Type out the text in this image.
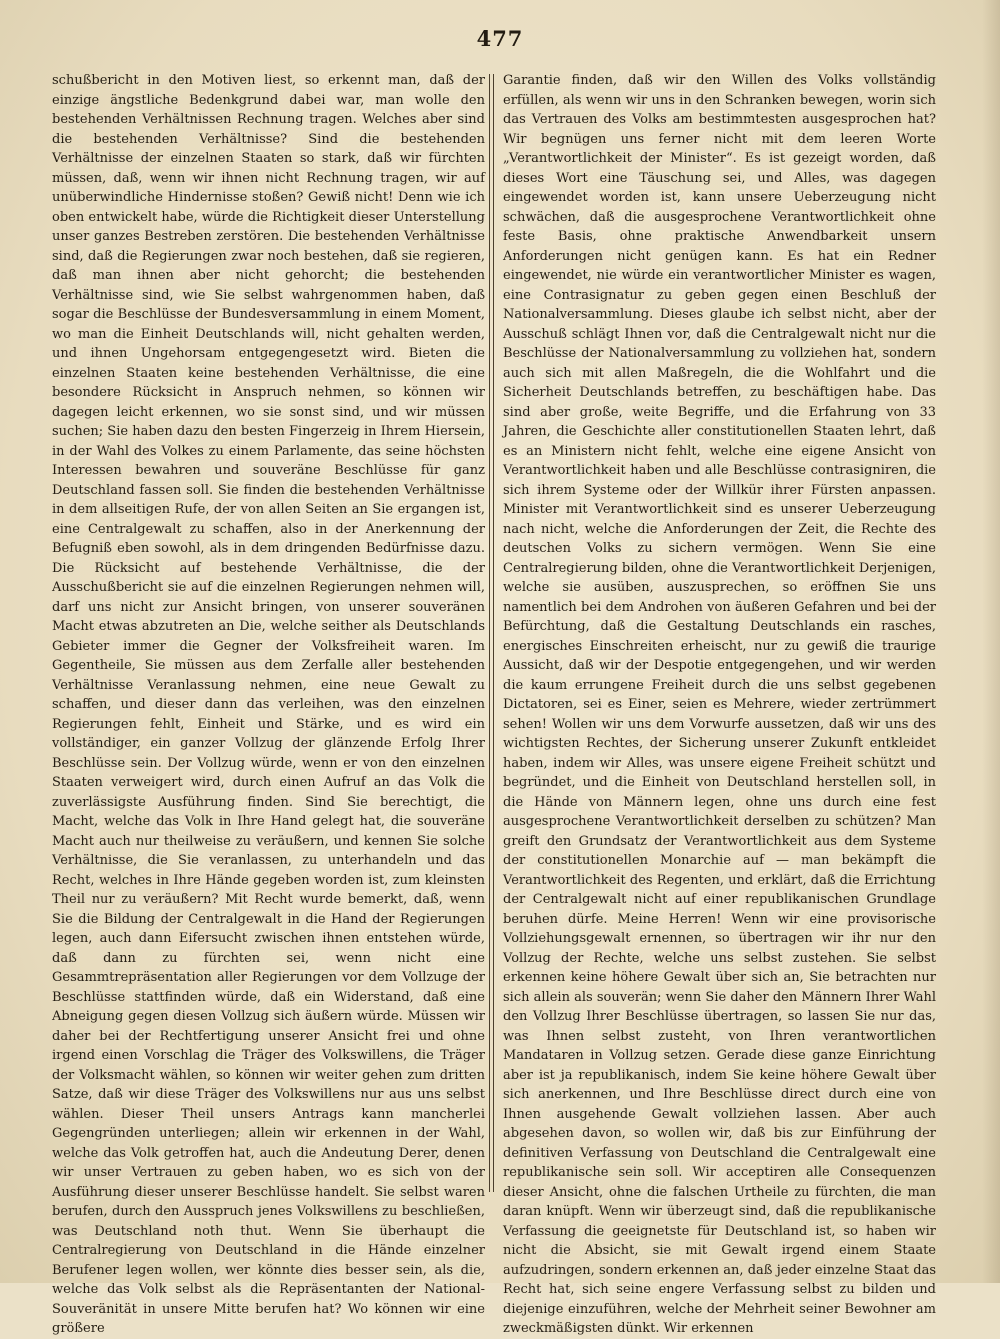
477
schußbericht in den Motiven liest, so erkennt man, daß der einzige ängstliche Bedenkgrund dabei war, man wolle den bestehenden Verhältnissen Rechnung tragen. Welches aber sind die bestehenden Verhältnisse? Sind die bestehenden Verhältnisse der einzelnen Staaten so stark, daß wir fürchten müssen, daß, wenn wir ihnen nicht Rechnung tragen, wir auf unüberwindliche Hindernisse stoßen? Gewiß nicht! Denn wie ich oben entwickelt habe, würde die Richtigkeit dieser Unterstellung unser ganzes Bestreben zerstören. Die bestehenden Verhältnisse sind, daß die Regierungen zwar noch bestehen, daß sie regieren, daß man ihnen aber nicht gehorcht; die bestehenden Verhältnisse sind, wie Sie selbst wahrgenommen haben, daß sogar die Beschlüsse der Bundesversammlung in einem Moment, wo man die Einheit Deutschlands will, nicht gehalten werden, und ihnen Ungehorsam entgegengesetzt wird. Bieten die einzelnen Staaten keine bestehenden Verhältnisse, die eine besondere Rücksicht in Anspruch nehmen, so können wir dagegen leicht erkennen, wo sie sonst sind, und wir müssen suchen; Sie haben dazu den besten Fingerzeig in Ihrem Hiersein, in der Wahl des Volkes zu einem Parlamente, das seine höchsten Interessen bewahren und souveräne Beschlüsse für ganz Deutschland fassen soll. Sie finden die bestehenden Verhältnisse in dem allseitigen Rufe, der von allen Seiten an Sie ergangen ist, eine Centralgewalt zu schaffen, also in der Anerkennung der Befugniß eben sowohl, als in dem dringenden Bedürfnisse dazu. Die Rücksicht auf bestehende Verhältnisse, die der Ausschußbericht sie auf die einzelnen Regierungen nehmen will, darf uns nicht zur Ansicht bringen, von unserer souveränen Macht etwas abzutreten an Die, welche seither als Deutschlands Gebieter immer die Gegner der Volksfreiheit waren. Im Gegentheile, Sie müssen aus dem Zerfalle aller bestehenden Verhältnisse Veranlassung nehmen, eine neue Gewalt zu schaffen, und dieser dann das verleihen, was den einzelnen Regierungen fehlt, Einheit und Stärke, und es wird ein vollständiger, ein ganzer Vollzug der glänzende Erfolg Ihrer Beschlüsse sein. Der Vollzug würde, wenn er von den einzelnen Staaten verweigert wird, durch einen Aufruf an das Volk die zuverlässigste Ausführung finden. Sind Sie berechtigt, die Macht, welche das Volk in Ihre Hand gelegt hat, die souveräne Macht auch nur theilweise zu veräußern, und kennen Sie solche Verhältnisse, die Sie veranlassen, zu unterhandeln und das Recht, welches in Ihre Hände gegeben worden ist, zum kleinsten Theil nur zu veräußern? Mit Recht wurde bemerkt, daß, wenn Sie die Bildung der Centralgewalt in die Hand der Regierungen legen, auch dann Eifersucht zwischen ihnen entstehen würde, daß dann zu fürchten sei, wenn nicht eine Gesammtrepräsentation aller Regierungen vor dem Vollzuge der Beschlüsse stattfinden würde, daß ein Widerstand, daß eine Abneigung gegen diesen Vollzug sich äußern würde. Müssen wir daher bei der Rechtfertigung unserer Ansicht frei und ohne irgend einen Vorschlag die Träger des Volkswillens, die Träger der Volksmacht wählen, so können wir weiter gehen zum dritten Satze, daß wir diese Träger des Volkswillens nur aus uns selbst wählen. Dieser Theil unsers Antrags kann mancherlei Gegengründen unterliegen; allein wir erkennen in der Wahl, welche das Volk getroffen hat, auch die Andeutung Derer, denen wir unser Vertrauen zu geben haben, wo es sich von der Ausführung dieser unserer Beschlüsse handelt. Sie selbst waren berufen, durch den Ausspruch jenes Volkswillens zu beschließen, was Deutschland noth thut. Wenn Sie überhaupt die Centralregierung von Deutschland in die Hände einzelner Berufener legen wollen, wer könnte dies besser sein, als die, welche das Volk selbst als die Repräsentanten der National-Souveränität in unsere Mitte berufen hat? Wo können wir eine größere
Garantie finden, daß wir den Willen des Volks vollständig erfüllen, als wenn wir uns in den Schranken bewegen, worin sich das Vertrauen des Volks am bestimmtesten ausgesprochen hat? Wir begnügen uns ferner nicht mit dem leeren Worte „Verantwortlichkeit der Minister“. Es ist gezeigt worden, daß dieses Wort eine Täuschung sei, und Alles, was dagegen eingewendet worden ist, kann unsere Ueberzeugung nicht schwächen, daß die ausgesprochene Verantwortlichkeit ohne feste Basis, ohne praktische Anwendbarkeit unsern Anforderungen nicht genügen kann. Es hat ein Redner eingewendet, nie würde ein verantwortlicher Minister es wagen, eine Contrasignatur zu geben gegen einen Beschluß der Nationalversammlung. Dieses glaube ich selbst nicht, aber der Ausschuß schlägt Ihnen vor, daß die Centralgewalt nicht nur die Beschlüsse der Nationalversammlung zu vollziehen hat, sondern auch sich mit allen Maßregeln, die die Wohlfahrt und die Sicherheit Deutschlands betreffen, zu beschäftigen habe. Das sind aber große, weite Begriffe, und die Erfahrung von 33 Jahren, die Geschichte aller constitutionellen Staaten lehrt, daß es an Ministern nicht fehlt, welche eine eigene Ansicht von Verantwortlichkeit haben und alle Beschlüsse contrasigniren, die sich ihrem Systeme oder der Willkür ihrer Fürsten anpassen. Minister mit Verantwortlichkeit sind es unserer Ueberzeugung nach nicht, welche die Anforderungen der Zeit, die Rechte des deutschen Volks zu sichern vermögen. Wenn Sie eine Centralregierung bilden, ohne die Verantwortlichkeit Derjenigen, welche sie ausüben, auszusprechen, so eröffnen Sie uns namentlich bei dem Androhen von äußeren Gefahren und bei der Befürchtung, daß die Gestaltung Deutschlands ein rasches, energisches Einschreiten erheischt, nur zu gewiß die traurige Aussicht, daß wir der Despotie entgegengehen, und wir werden die kaum errungene Freiheit durch die uns selbst gegebenen Dictatoren, sei es Einer, seien es Mehrere, wieder zertrümmert sehen! Wollen wir uns dem Vorwurfe aussetzen, daß wir uns des wichtigsten Rechtes, der Sicherung unserer Zukunft entkleidet haben, indem wir Alles, was unsere eigene Freiheit schützt und begründet, und die Einheit von Deutschland herstellen soll, in die Hände von Männern legen, ohne uns durch eine fest ausgesprochene Verantwortlichkeit derselben zu schützen? Man greift den Grundsatz der Verantwortlichkeit aus dem Systeme der constitutionellen Monarchie auf — man bekämpft die Verantwortlichkeit des Regenten, und erklärt, daß die Errichtung der Centralgewalt nicht auf einer republikanischen Grundlage beruhen dürfe. Meine Herren! Wenn wir eine provisorische Vollziehungsgewalt ernennen, so übertragen wir ihr nur den Vollzug der Rechte, welche uns selbst zustehen. Sie selbst erkennen keine höhere Gewalt über sich an, Sie betrachten nur sich allein als souverän; wenn Sie daher den Männern Ihrer Wahl den Vollzug Ihrer Beschlüsse übertragen, so lassen Sie nur das, was Ihnen selbst zusteht, von Ihren verantwortlichen Mandataren in Vollzug setzen. Gerade diese ganze Einrichtung aber ist ja republikanisch, indem Sie keine höhere Gewalt über sich anerkennen, und Ihre Beschlüsse direct durch eine von Ihnen ausgehende Gewalt vollziehen lassen. Aber auch abgesehen davon, so wollen wir, daß bis zur Einführung der definitiven Verfassung von Deutschland die Centralgewalt eine republikanische sein soll. Wir acceptiren alle Consequenzen dieser Ansicht, ohne die falschen Urtheile zu fürchten, die man daran knüpft. Wenn wir überzeugt sind, daß die republikanische Verfassung die geeignetste für Deutschland ist, so haben wir nicht die Absicht, sie mit Gewalt irgend einem Staate aufzudringen, sondern erkennen an, daß jeder einzelne Staat das Recht hat, sich seine engere Verfassung selbst zu bilden und diejenige einzuführen, welche der Mehrheit seiner Bewohner am zweckmäßigsten dünkt. Wir erkennen
